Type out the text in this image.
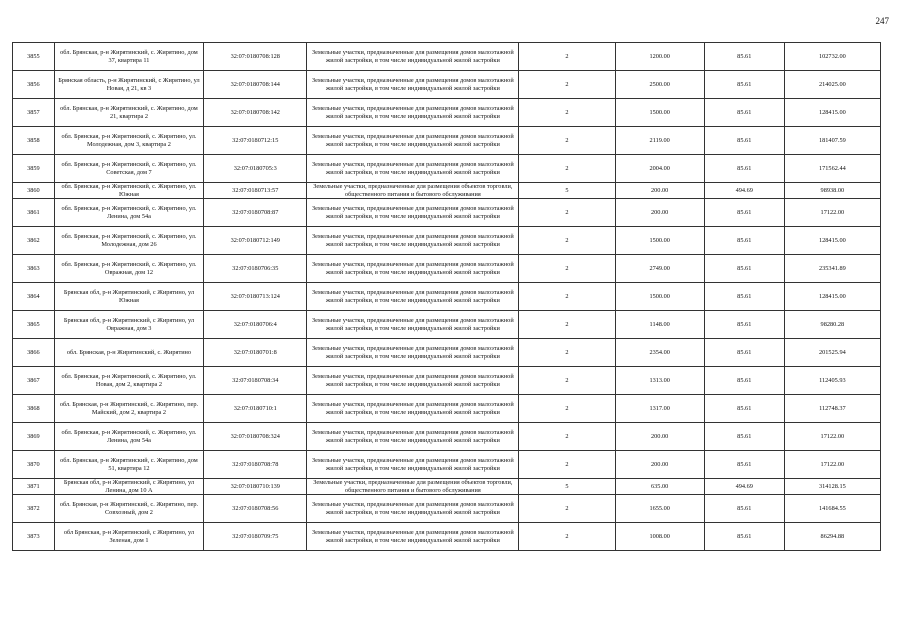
247
3855	обл. Брянская, р-н Жирятинский, с. Жирятино, дом 37, квартира 11	32:07:0180708:128	Земельные участки, предназначенные для размещения домов малоэтажной жилой застройки, в том числе индивидуальной жилой застройки	2	1200.00	85.61	102732.00
3856	Брянская область, р-н Жирятинский, с Жирятино, ул Новая, д 21, кв 3	32:07:0180708:144	Земельные участки, предназначенные для размещения домов малоэтажной жилой застройки, в том числе индивидуальной жилой застройки	2	2500.00	85.61	214025.00
3857	обл. Брянская, р-н Жирятинский, с. Жирятино, дом 21, квартира 2	32:07:0180708:142	Земельные участки, предназначенные для размещения домов малоэтажной жилой застройки, в том числе индивидуальной жилой застройки	2	1500.00	85.61	128415.00
3858	обл. Брянская, р-н Жирятинский, с. Жирятино, ул. Молодежная, дом 3, квартира 2	32:07:0180712:15	Земельные участки, предназначенные для размещения домов малоэтажной жилой застройки, в том числе индивидуальной жилой застройки	2	2119.00	85.61	181407.59
3859	обл. Брянская, р-н Жирятинский, с. Жирятино, ул. Советская, дом 7	32:07:0180705:3	Земельные участки, предназначенные для размещения домов малоэтажной жилой застройки, в том числе индивидуальной жилой застройки	2	2004.00	85.61	171562.44
3860	обл. Брянская, р-н Жирятинский, с. Жирятино, ул. Южная	32:07:0180713:57	Земельные участки, предназначенные для размещения объектов торговли, общественного питания и бытового обслуживания	5	200.00	494.69	98938.00
3861	обл. Брянская, р-н Жирятинский, с. Жирятино, ул. Ленина, дом 54а	32:07:0180708:87	Земельные участки, предназначенные для размещения домов малоэтажной жилой застройки, в том числе индивидуальной жилой застройки	2	200.00	85.61	17122.00
3862	обл. Брянская, р-н Жирятинский, с. Жирятино, ул. Молодежная, дом 26	32:07:0180712:149	Земельные участки, предназначенные для размещения домов малоэтажной жилой застройки, в том числе индивидуальной жилой застройки	2	1500.00	85.61	128415.00
3863	обл. Брянская, р-н Жирятинский, с. Жирятино, ул. Овражная, дом 12	32:07:0180706:35	Земельные участки, предназначенные для размещения домов малоэтажной жилой застройки, в том числе индивидуальной жилой застройки	2	2749.00	85.61	235341.89
3864	Брянская обл, р-н Жирятинский, с Жирятино, ул Южная	32:07:0180713:124	Земельные участки, предназначенные для размещения домов малоэтажной жилой застройки, в том числе индивидуальной жилой застройки	2	1500.00	85.61	128415.00
3865	Брянская обл, р-н Жирятинский, с Жирятино, ул Овражная, дом 3	32:07:0180706:4	Земельные участки, предназначенные для размещения домов малоэтажной жилой застройки, в том числе индивидуальной жилой застройки	2	1148.00	85.61	98280.28
3866	обл. Брянская, р-н Жирятинский, с. Жирятино	32:07:0180701:8	Земельные участки, предназначенные для размещения домов малоэтажной жилой застройки, в том числе индивидуальной жилой застройки	2	2354.00	85.61	201525.94
3867	обл. Брянская, р-н Жирятинский, с. Жирятино, ул. Новая, дом 2, квартира 2	32:07:0180708:34	Земельные участки, предназначенные для размещения домов малоэтажной жилой застройки, в том числе индивидуальной жилой застройки	2	1313.00	85.61	112405.93
3868	обл. Брянская, р-н Жирятинский, с. Жирятино, пер. Майский, дом 2, квартира 2	32:07:0180710:1	Земельные участки, предназначенные для размещения домов малоэтажной жилой застройки, в том числе индивидуальной жилой застройки	2	1317.00	85.61	112748.37
3869	обл. Брянская, р-н Жирятинский, с. Жирятино, ул. Ленина, дом 54а	32:07:0180708:324	Земельные участки, предназначенные для размещения домов малоэтажной жилой застройки, в том числе индивидуальной жилой застройки	2	200.00	85.61	17122.00
3870	обл. Брянская, р-н Жирятинский, с. Жирятино, дом 51, квартира 12	32:07:0180708:78	Земельные участки, предназначенные для размещения домов малоэтажной жилой застройки, в том числе индивидуальной жилой застройки	2	200.00	85.61	17122.00
3871	Брянская обл, р-н Жирятинский, с Жирятино, ул Ленина, дом 10 А	32:07:0180710:139	Земельные участки, предназначенные для размещения объектов торговли, общественного питания и бытового обслуживания	5	635.00	494.69	314128.15
3872	обл. Брянская, р-н Жирятинский, с. Жирятино, пер. Совхозный, дом 2	32:07:0180708:56	Земельные участки, предназначенные для размещения домов малоэтажной жилой застройки, в том числе индивидуальной жилой застройки	2	1655.00	85.61	141684.55
3873	обл Брянская, р-н Жирятинский, с Жирятино, ул Зеленая, дом 1	32:07:0180709:75	Земельные участки, предназначенные для размещения домов малоэтажной жилой застройки, в том числе индивидуальной жилой застройки	2	1008.00	85.61	86294.88
